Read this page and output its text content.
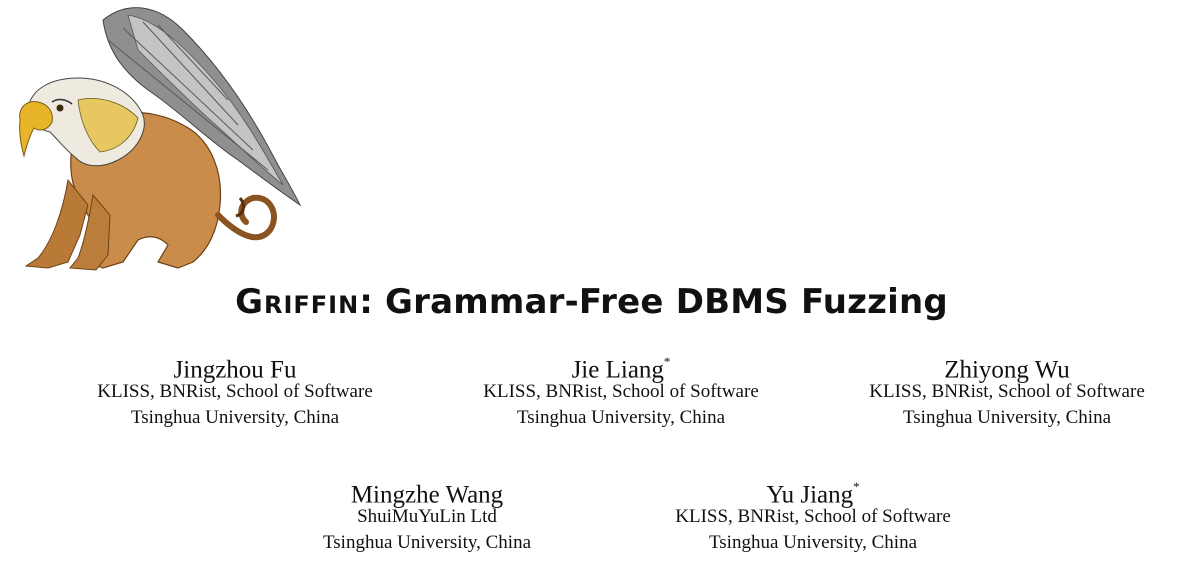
Griffin: Grammar-Free DBMS Fuzzing
Jingzhou Fu
KLISS, BNRist, School of Software
Tsinghua University, China
Jie Liang*
KLISS, BNRist, School of Software
Tsinghua University, China
Zhiyong Wu
KLISS, BNRist, School of Software
Tsinghua University, China
Mingzhe Wang
ShuiMuYuLin Ltd
Tsinghua University, China
Yu Jiang*
KLISS, BNRist, School of Software
Tsinghua University, China
